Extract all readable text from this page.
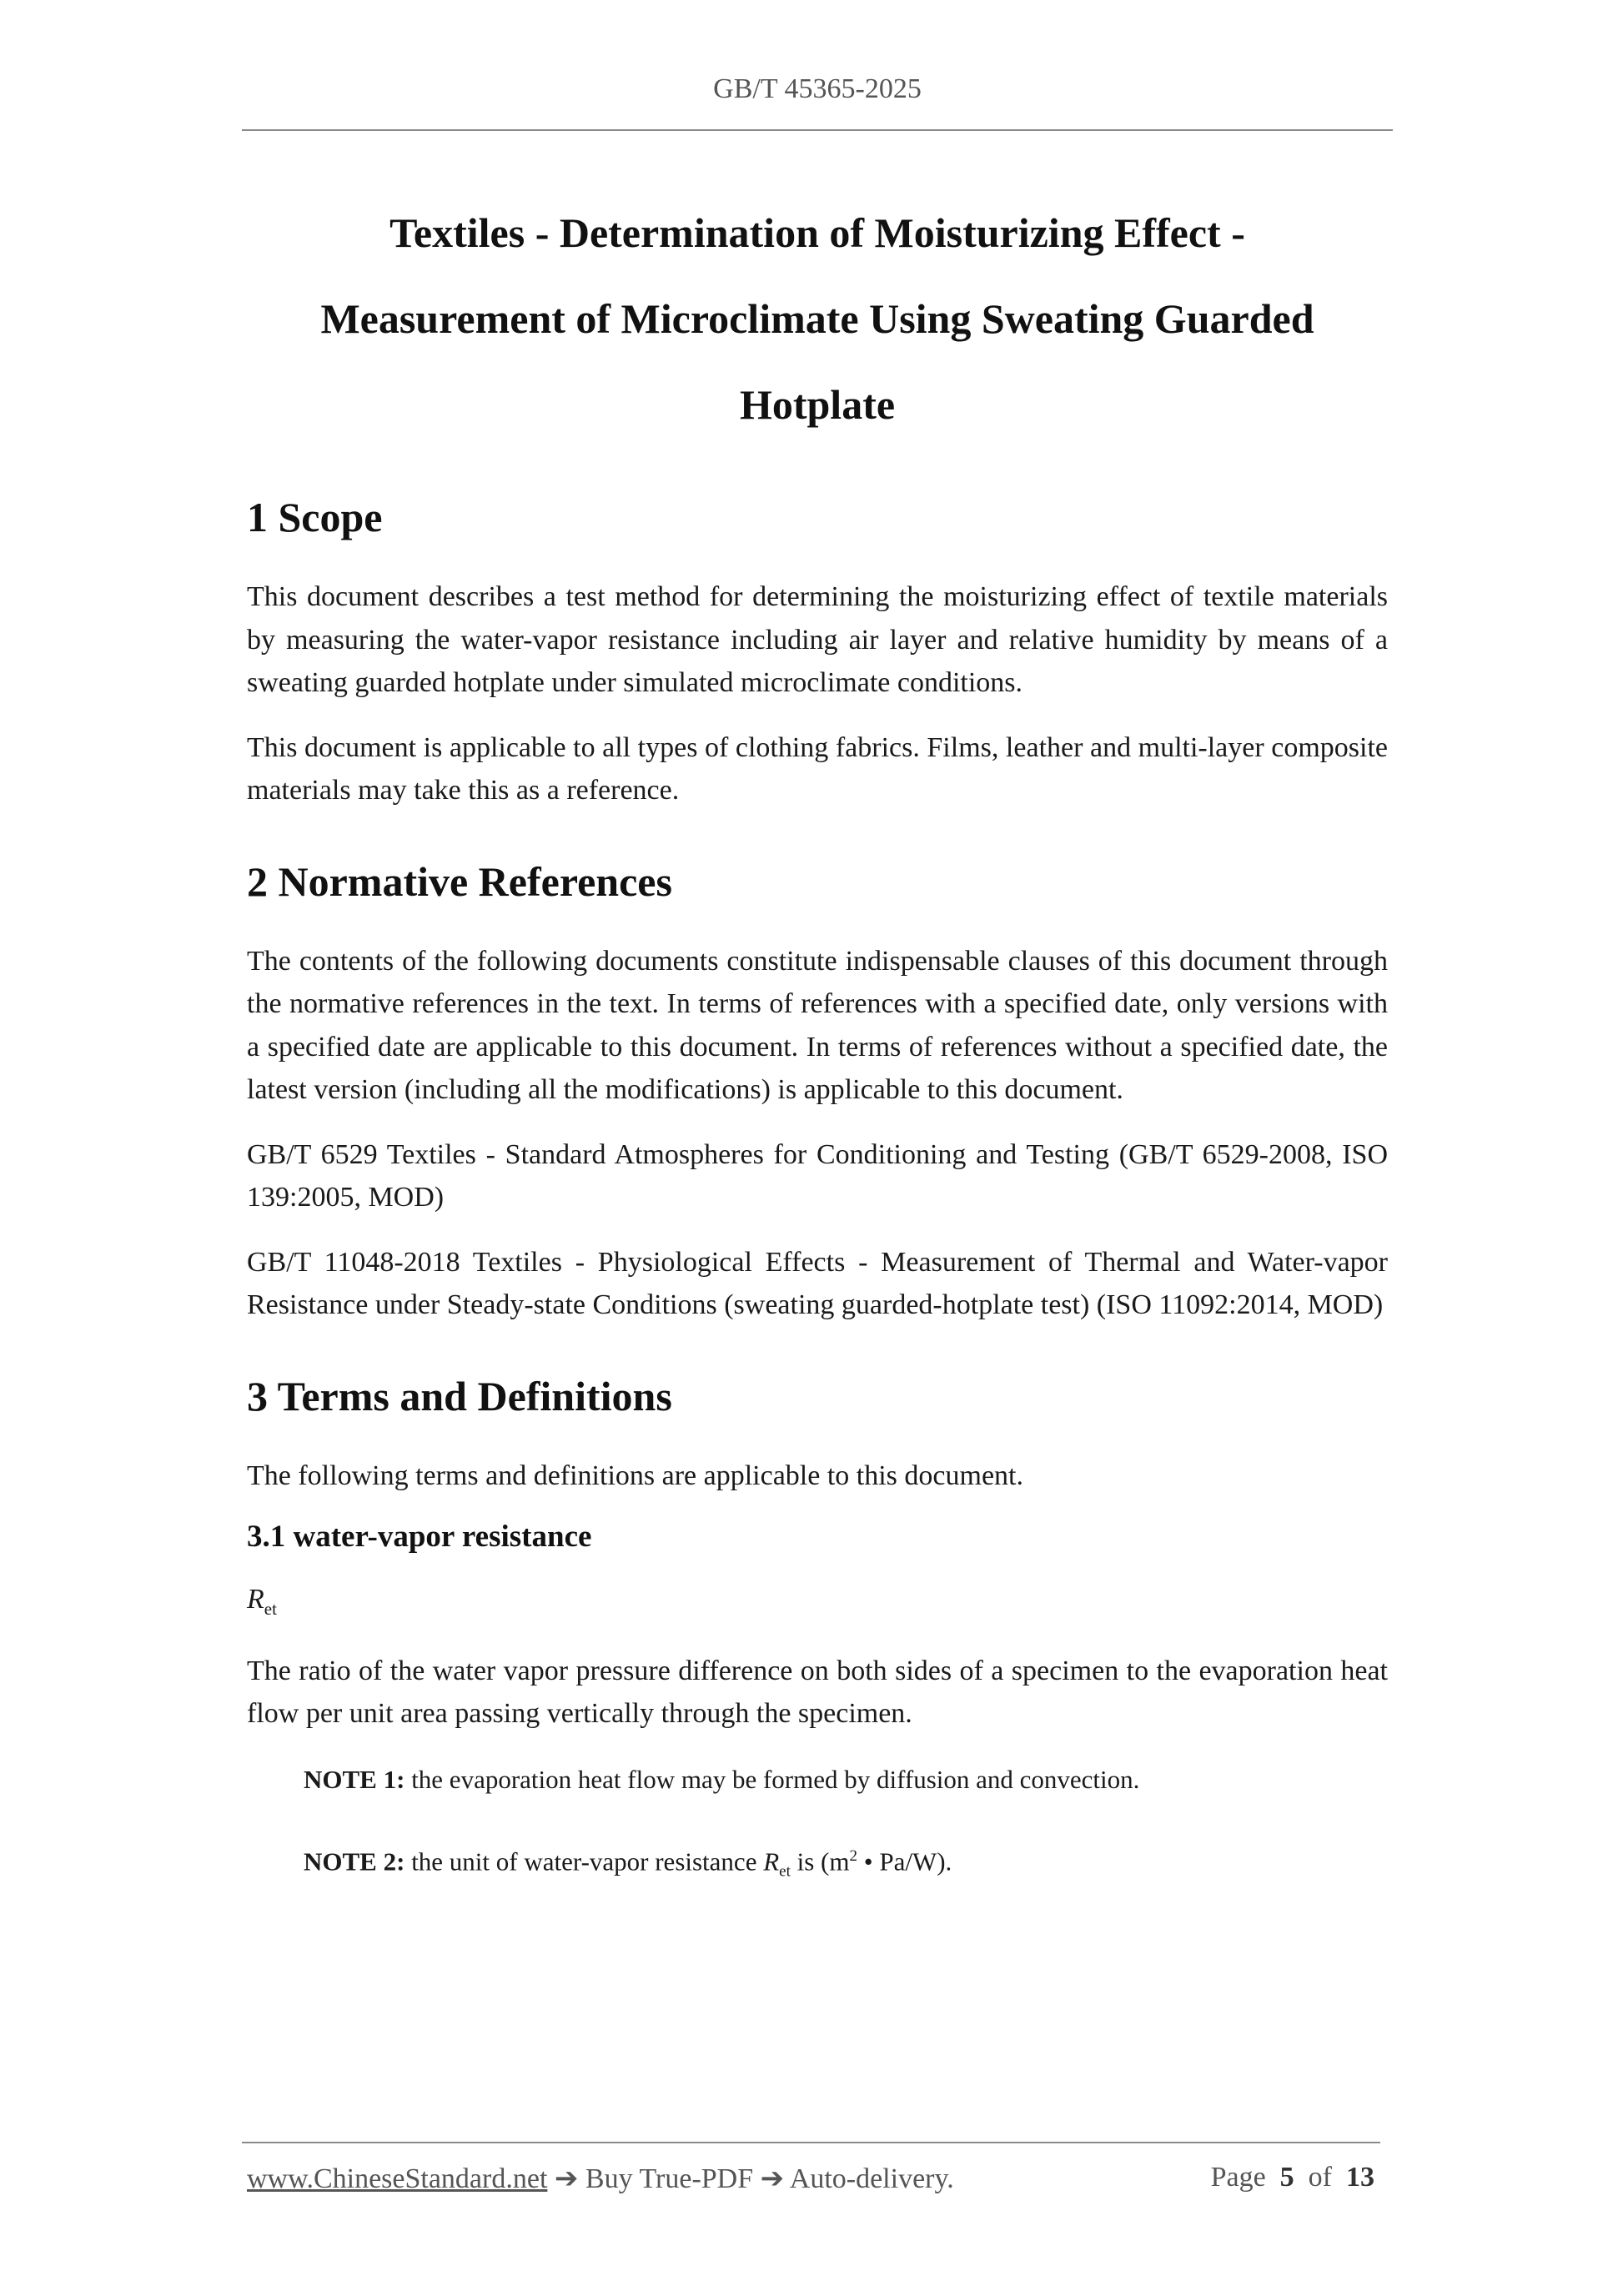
GB/T 45365-2025
Textiles - Determination of Moisturizing Effect -
Measurement of Microclimate Using Sweating Guarded
Hotplate
1 Scope

This document describes a test method for determining the moisturizing effect of textile materials by measuring the water-vapor resistance including air layer and relative humidity by means of a sweating guarded hotplate under simulated microclimate conditions.

This document is applicable to all types of clothing fabrics. Films, leather and multi-layer composite materials may take this as a reference.

2 Normative References

The contents of the following documents constitute indispensable clauses of this document through the normative references in the text. In terms of references with a specified date, only versions with a specified date are applicable to this document. In terms of references without a specified date, the latest version (including all the modifications) is applicable to this document.

GB/T 6529 Textiles - Standard Atmospheres for Conditioning and Testing (GB/T 6529-2008, ISO 139:2005, MOD)

GB/T 11048-2018 Textiles - Physiological Effects - Measurement of Thermal and Water-vapor Resistance under Steady-state Conditions (sweating guarded-hotplate test) (ISO 11092:2014, MOD)

3 Terms and Definitions

The following terms and definitions are applicable to this document.

3.1 water-vapor resistance

$R_{et}$

The ratio of the water vapor pressure difference on both sides of a specimen to the evaporation heat flow per unit area passing vertically through the specimen.

NOTE 1: the evaporation heat flow may be formed by diffusion and convection.

NOTE 2: the unit of water-vapor resistance $R_{et}$ is ($m^2$ • Pa/W).

www.ChineseStandard.net ➔ Buy True-PDF ➔ Auto-delivery.	Page 5 of 13
